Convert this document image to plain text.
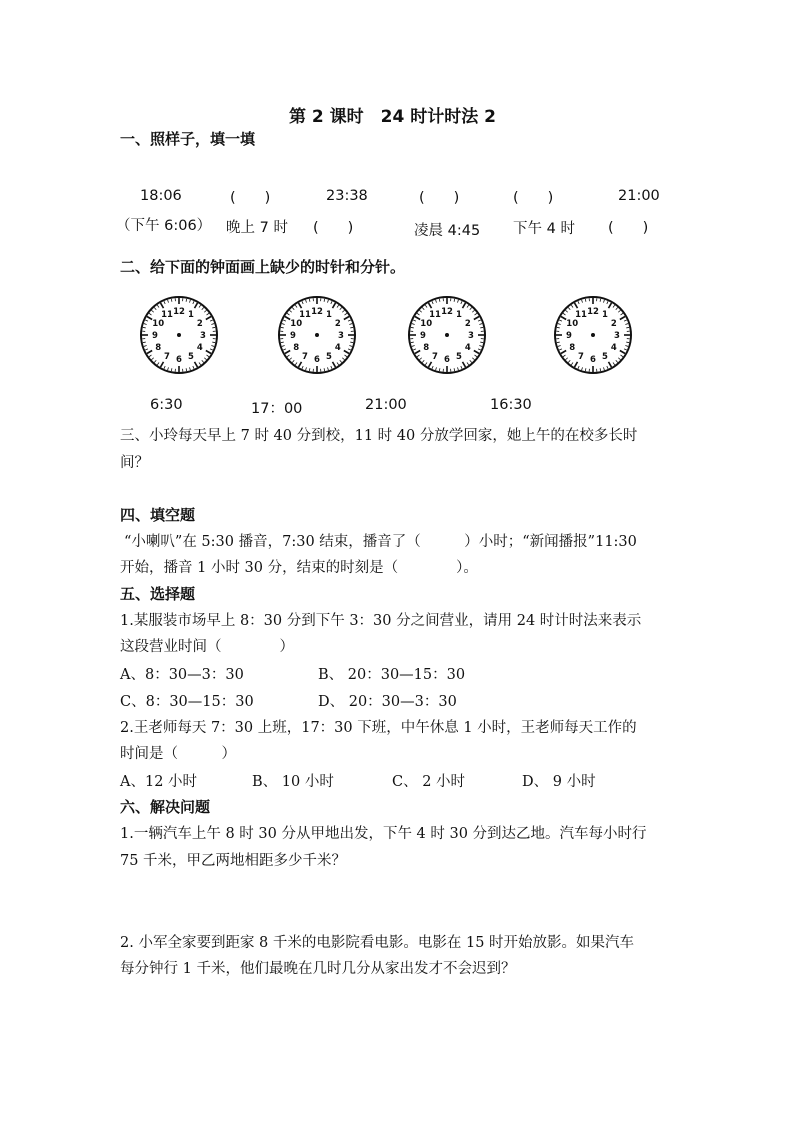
第 2 课时　24 时计时法 2
一、照样子，填一填
18:06	(　　)	23:38	(　　)	(　　)	21:00
（下午 6:06） 晚上 7 时 (　　)	凌晨 4:45 下午 4 时 (　　)
二、给下面的钟面画上缺少的时针和分针。
12 1
2
3
4
5
6
7
8
9
10
11	12 1
2
3
4
5
6
7
8
9
10
11	12 1
2
3
4
5
6
7
8
9
10
11	12 1
2
3
4
5
6
7
8
9
10
11
6:30	17：00	21:00	16:30
三、小玲每天早上 7 时 40 分到校，11 时 40 分放学回家，她上午的在校多长时
间？
四、填空题
“小喇叭”在 5:30 播音，7:30 结束，播音了（　　　）小时；“新闻播报”11:30
开始，播音 1 小时 30 分，结束的时刻是（　　　　）。
五、选择题
1.某服装市场早上 8：30 分到下午 3：30 分之间营业，请用 24 时计时法来表示
这段营业时间（　　　　）
A、8：30—3：30	B、 20：30—15：30
C、8：30—15：30	D、 20：30—3：30
2.王老师每天 7：30 上班，17：30 下班，中午休息 1 小时，王老师每天工作的
时间是（　　　）
A、12 小时	B、 10 小时	C、 2 小时	D、 9 小时
六、解决问题
1.一辆汽车上午 8 时 30 分从甲地出发，下午 4 时 30 分到达乙地。汽车每小时行
75 千米，甲乙两地相距多少千米？
2. 小军全家要到距家 8 千米的电影院看电影。电影在 15 时开始放影。如果汽车
每分钟行 1 千米，他们最晚在几时几分从家出发才不会迟到？
